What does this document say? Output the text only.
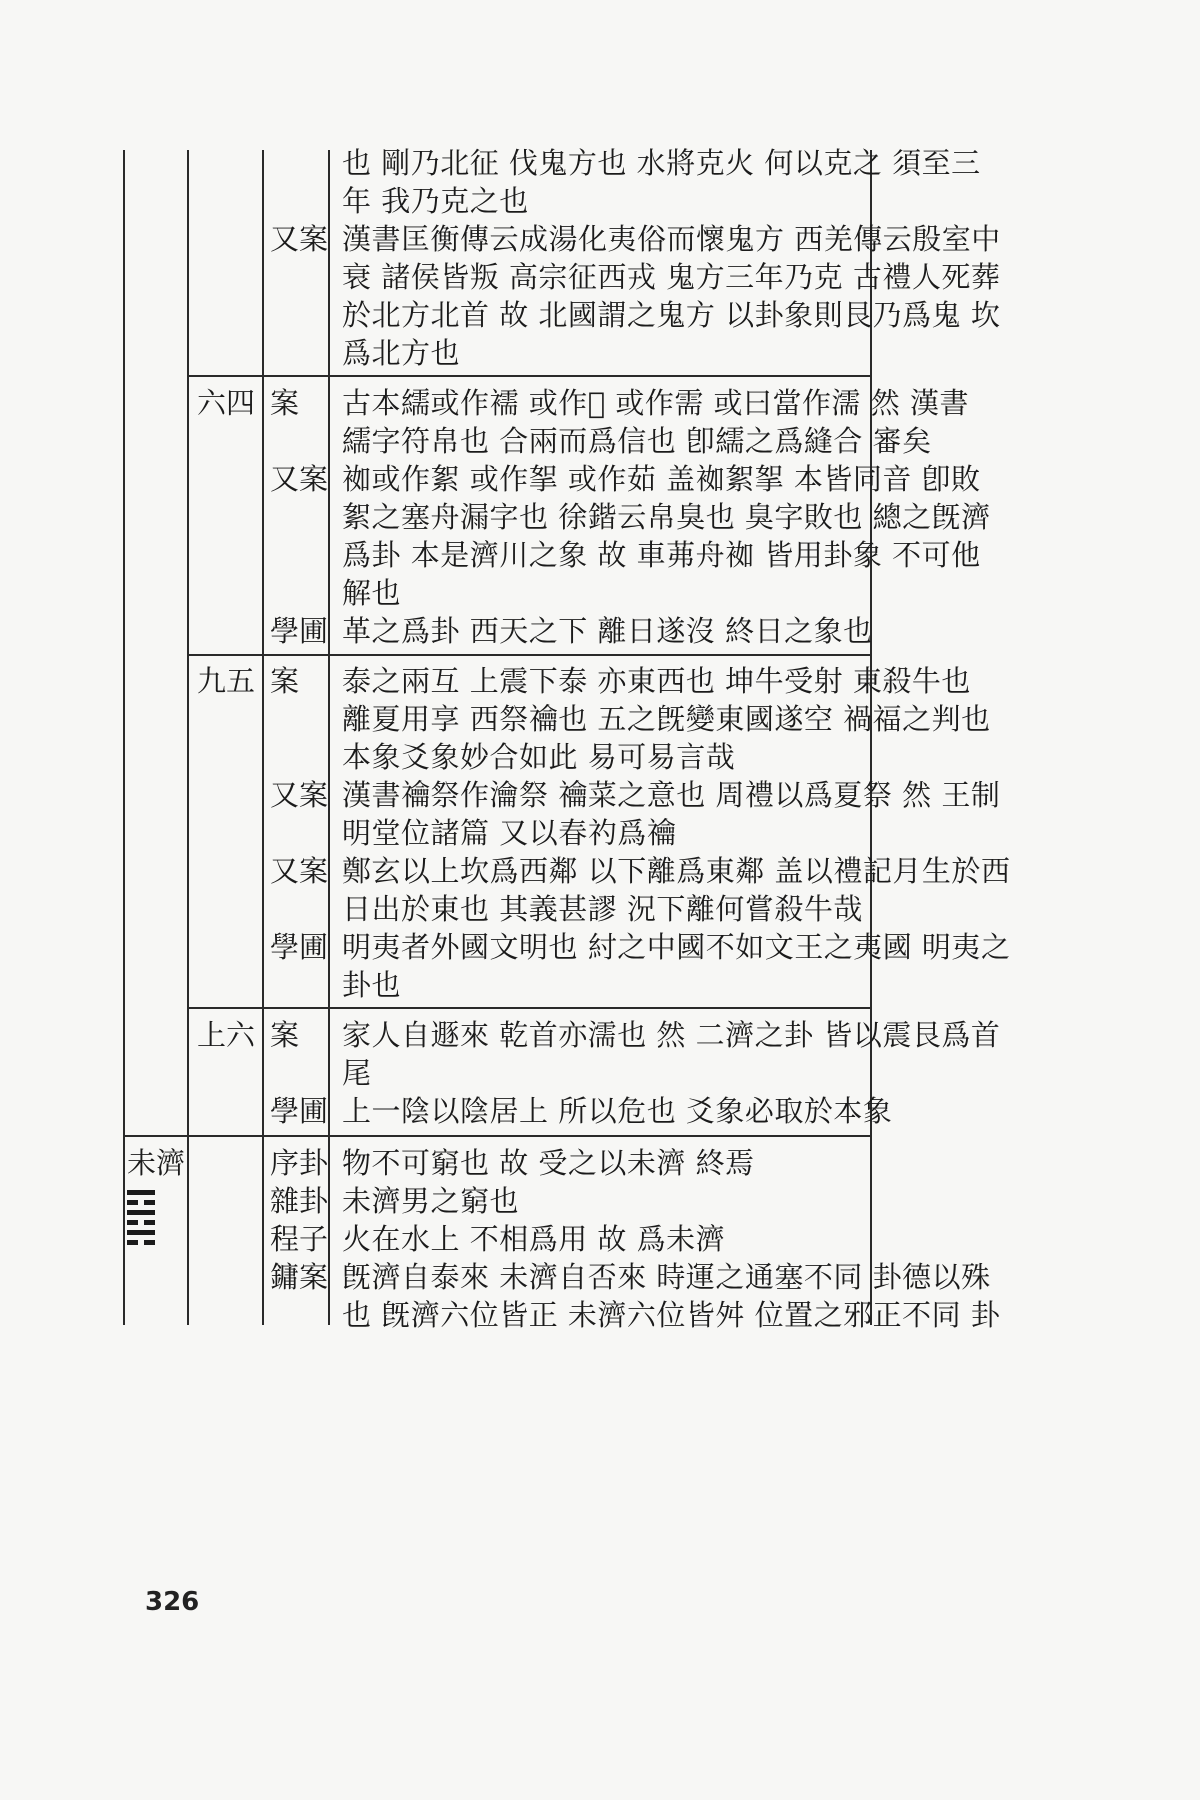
也 剛乃北征 伐鬼方也 水將克火 何以克之 須至三
年 我乃克之也
又案 漢書匡衡傳云成湯化夷俗而懷鬼方 西羌傳云殷室中
衰 諸侯皆叛 高宗征西戎 鬼方三年乃克 古禮人死葬
於北方北首 故 北國謂之鬼方 以卦象則艮乃爲鬼 坎
爲北方也
六四 案 古本繻或作襦 或作𧞤 或作需 或曰當作濡 然 漢書
繻字符帛也 合兩而爲信也 卽繻之爲縫合 審矣
又案 袽或作絮 或作挐 或作茹 盖袽絮挐 本皆同音 卽敗
絮之塞舟漏字也 徐鍇云帛臭也 臭字敗也 總之旣濟
爲卦 本是濟川之象 故 車茀舟袽 皆用卦象 不可他
解也
學圃 革之爲卦 西天之下 離日遂沒 終日之象也
九五 案 泰之兩互 上震下泰 亦東西也 坤牛受射 東殺牛也
離夏用享 西祭禴也 五之旣變東國遂空 禍福之判也
本象爻象妙合如此 易可易言哉
又案 漢書禴祭作瀹祭 禴菜之意也 周禮以爲夏祭 然 王制
明堂位諸篇 又以春礿爲禴
又案 鄭玄以上坎爲西鄰 以下離爲東鄰 盖以禮記月生於西
日出於東也 其義甚謬 況下離何嘗殺牛哉
學圃 明夷者外國文明也 紂之中國不如文王之夷國 明夷之
卦也
上六 案 家人自遯來 乾首亦濡也 然 二濟之卦 皆以震艮爲首
尾
學圃 上一陰以陰居上 所以危也 爻象必取於本象
未濟	序卦 物不可窮也 故 受之以未濟 終焉
雜卦 未濟男之窮也
程子 火在水上 不相爲用 故 爲未濟
鏞案 旣濟自泰來 未濟自否來 時運之通塞不同 卦德以殊
也 旣濟六位皆正 未濟六位皆舛 位置之邪正不同 卦
326
